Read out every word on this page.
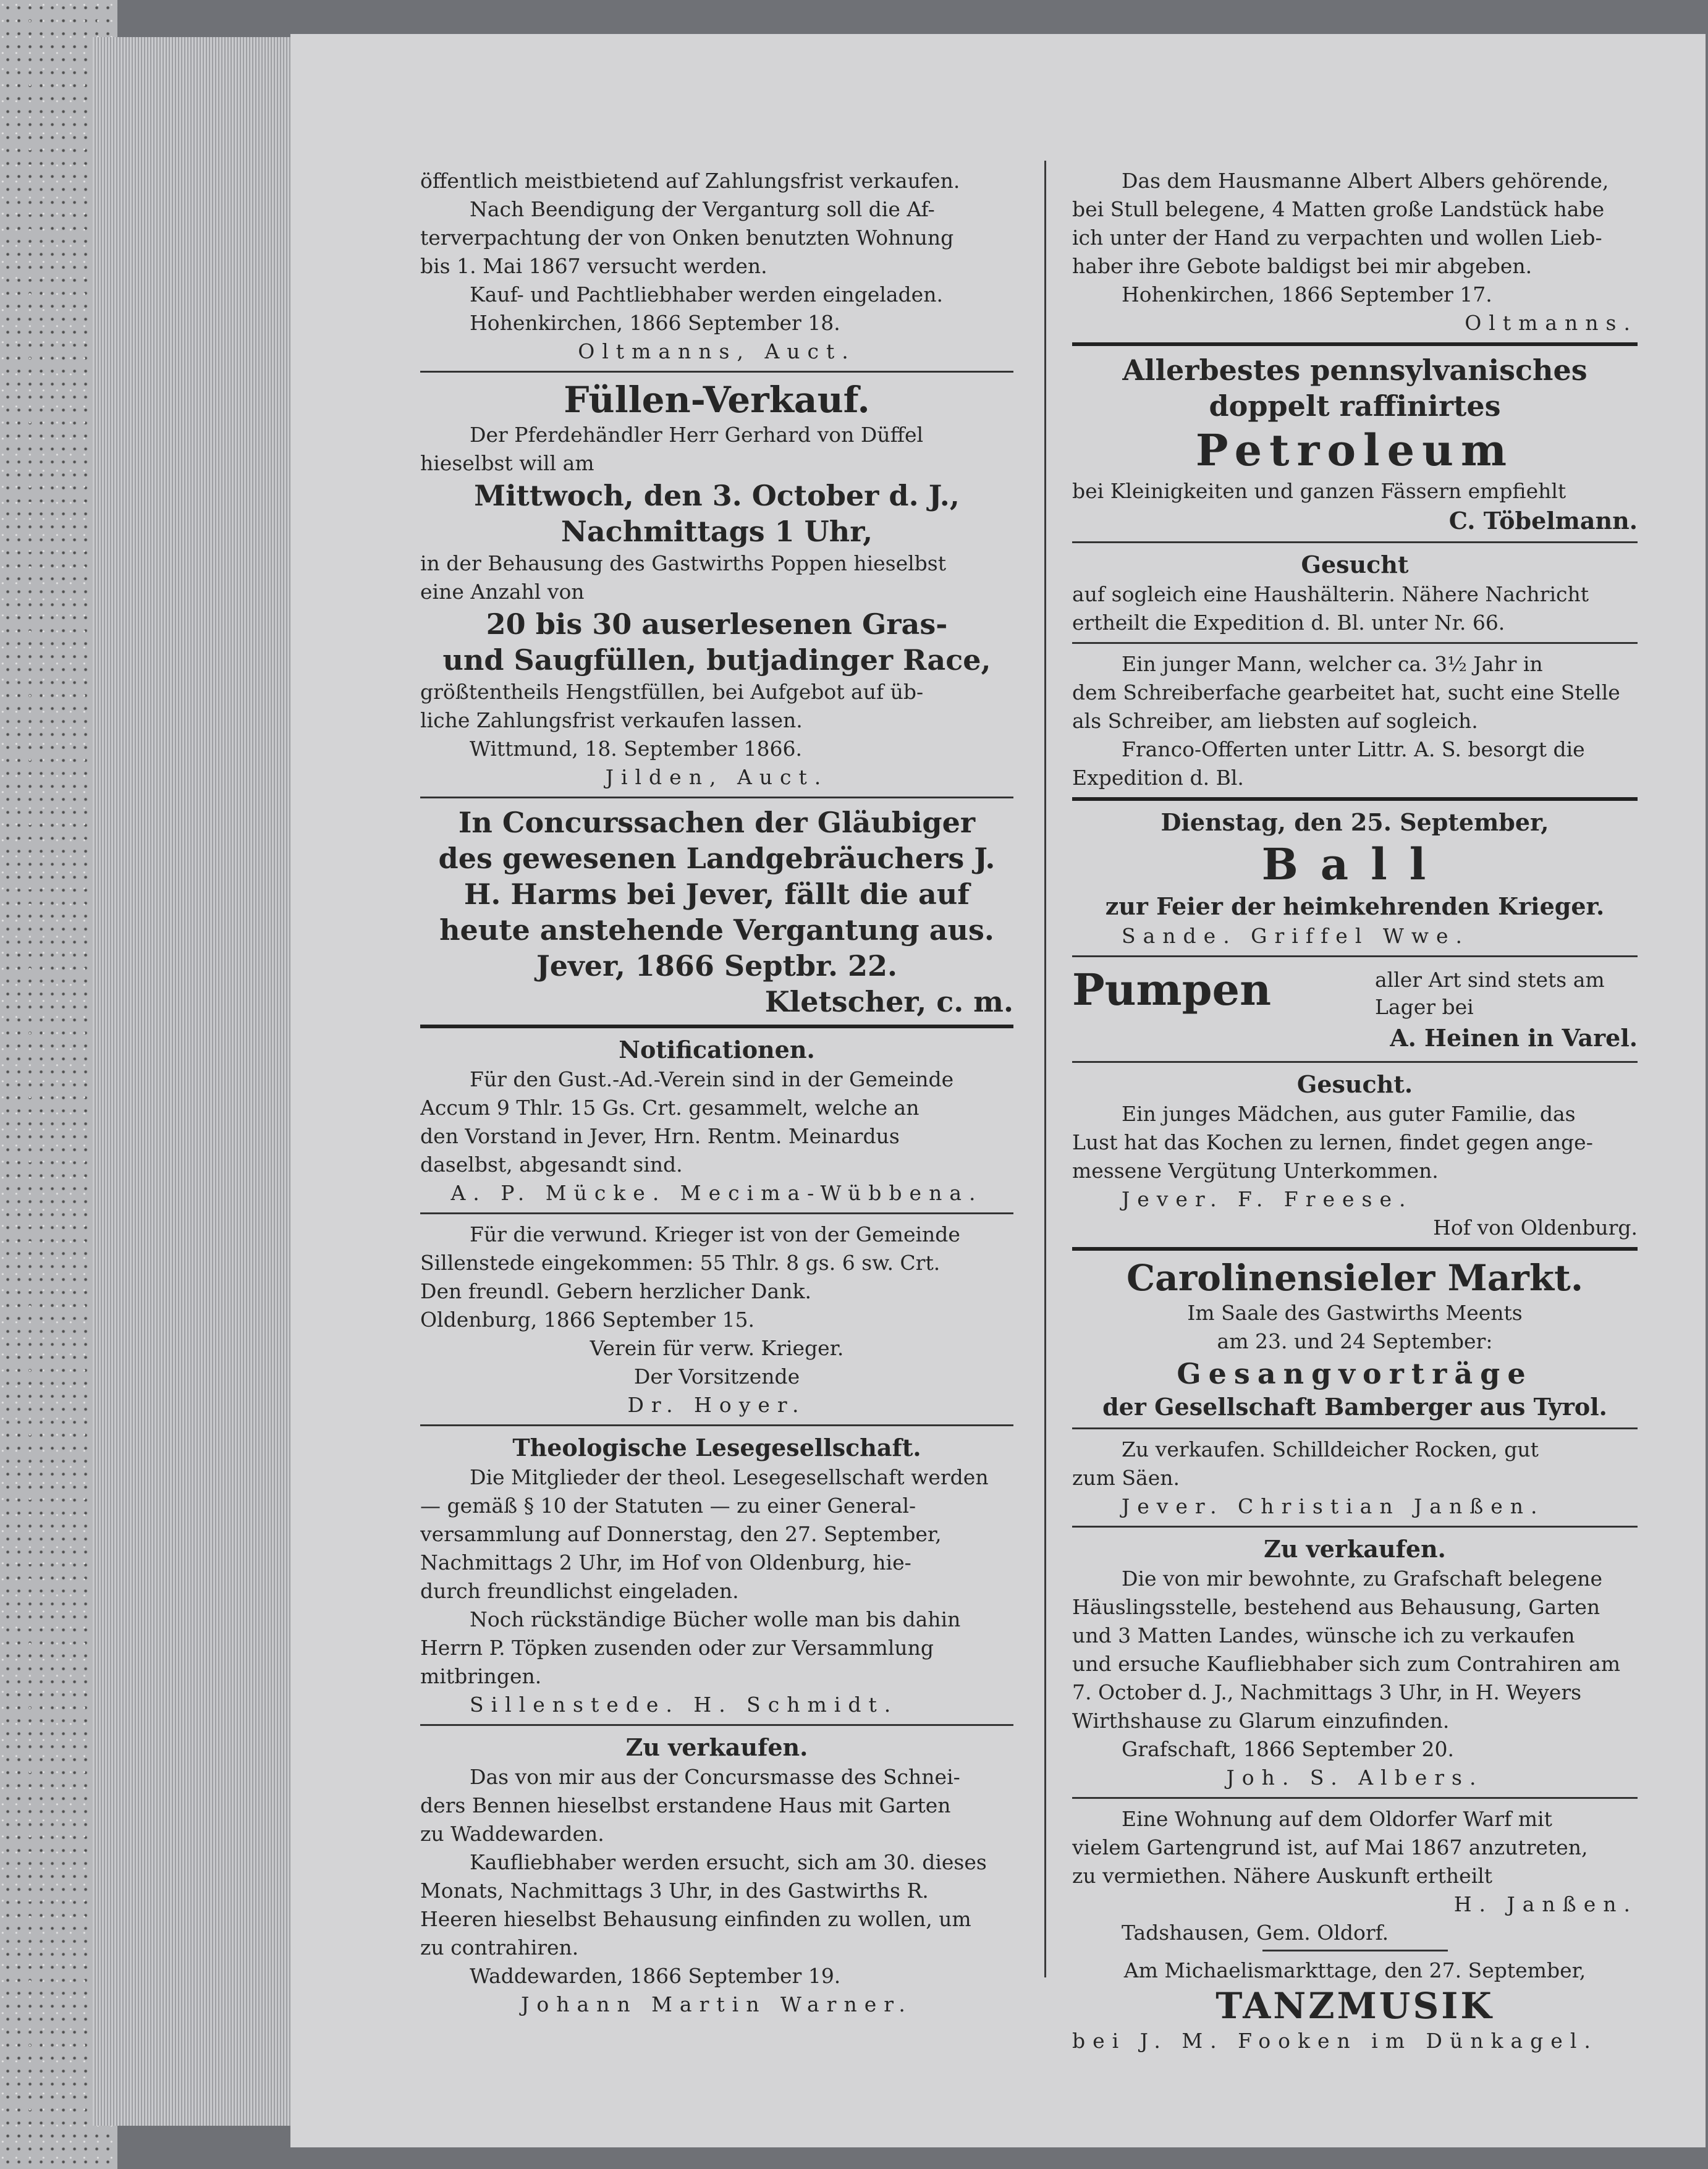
öffentlich meistbietend auf Zahlungsfrist verkaufen.
Nach Beendigung der Verganturg soll die Af-
terverpachtung der von Onken benutzten Wohnung
bis 1. Mai 1867 versucht werden.
Kauf- und Pachtliebhaber werden eingeladen.
Hohenkirchen, 1866 September 18.
Oltmanns, Auct.
Füllen-Verkauf.
Der Pferdehändler Herr Gerhard von Düffel
hieselbst will am
Mittwoch, den 3. October d. J.,
Nachmittags 1 Uhr,
in der Behausung des Gastwirths Poppen hieselbst
eine Anzahl von
20 bis 30 auserlesenen Gras-
und Saugfüllen, butjadinger Race,
größtentheils Hengstfüllen, bei Aufgebot auf üb-
liche Zahlungsfrist verkaufen lassen.
Wittmund, 18. September 1866.
Jilden, Auct.
In Concurssachen der Gläubiger
des gewesenen Landgebräuchers J.
H. Harms bei Jever, fällt die auf
heute anstehende Vergantung aus.
Jever, 1866 Septbr. 22.
Kletscher, c. m.
Notificationen.
Für den Gust.-Ad.-Verein sind in der Gemeinde
Accum 9 Thlr. 15 Gs. Crt. gesammelt, welche an
den Vorstand in Jever, Hrn. Rentm. Meinardus
daselbst, abgesandt sind.
A. P. Mücke. Mecima-Wübbena.
Für die verwund. Krieger ist von der Gemeinde
Sillenstede eingekommen: 55 Thlr. 8 gs. 6 sw. Crt.
Den freundl. Gebern herzlicher Dank.
Oldenburg, 1866 September 15.
Verein für verw. Krieger.
Der Vorsitzende
Dr. Hoyer.
Theologische Lesegesellschaft.
Die Mitglieder der theol. Lesegesellschaft werden
— gemäß § 10 der Statuten — zu einer General-
versammlung auf Donnerstag, den 27. September,
Nachmittags 2 Uhr, im Hof von Oldenburg, hie-
durch freundlichst eingeladen.
Noch rückständige Bücher wolle man bis dahin
Herrn P. Töpken zusenden oder zur Versammlung
mitbringen.
Sillenstede. H. Schmidt.
Zu verkaufen.
Das von mir aus der Concursmasse des Schnei-
ders Bennen hieselbst erstandene Haus mit Garten
zu Waddewarden.
Kaufliebhaber werden ersucht, sich am 30. dieses
Monats, Nachmittags 3 Uhr, in des Gastwirths R.
Heeren hieselbst Behausung einfinden zu wollen, um
zu contrahiren.
Waddewarden, 1866 September 19.
Johann Martin Warner.
Das dem Hausmanne Albert Albers gehörende,
bei Stull belegene, 4 Matten große Landstück habe
ich unter der Hand zu verpachten und wollen Lieb-
haber ihre Gebote baldigst bei mir abgeben.
Hohenkirchen, 1866 September 17.
Oltmanns.
Allerbestes pennsylvanisches
doppelt raffinirtes
Petroleum
bei Kleinigkeiten und ganzen Fässern empfiehlt
C. Töbelmann.
Gesucht
auf sogleich eine Haushälterin. Nähere Nachricht
ertheilt die Expedition d. Bl. unter Nr. 66.
Ein junger Mann, welcher ca. 3½ Jahr in
dem Schreiberfache gearbeitet hat, sucht eine Stelle
als Schreiber, am liebsten auf sogleich.
Franco-Offerten unter Littr. A. S. besorgt die
Expedition d. Bl.
Dienstag, den 25. September,
Ball
zur Feier der heimkehrenden Krieger.
Sande. Griffel Wwe.
Pumpen	aller Art sind stets am
Lager bei
A. Heinen in Varel.
Gesucht.
Ein junges Mädchen, aus guter Familie, das
Lust hat das Kochen zu lernen, findet gegen ange-
messene Vergütung Unterkommen.
Jever. F. Freese.
Hof von Oldenburg.
Carolinensieler Markt.
Im Saale des Gastwirths Meents
am 23. und 24 September:
Gesangvorträge
der Gesellschaft Bamberger aus Tyrol.
Zu verkaufen. Schilldeicher Rocken, gut
zum Säen.
Jever. Christian Janßen.
Zu verkaufen.
Die von mir bewohnte, zu Grafschaft belegene
Häuslingsstelle, bestehend aus Behausung, Garten
und 3 Matten Landes, wünsche ich zu verkaufen
und ersuche Kaufliebhaber sich zum Contrahiren am
7. October d. J., Nachmittags 3 Uhr, in H. Weyers
Wirthshause zu Glarum einzufinden.
Grafschaft, 1866 September 20.
Joh. S. Albers.
Eine Wohnung auf dem Oldorfer Warf mit
vielem Gartengrund ist, auf Mai 1867 anzutreten,
zu vermiethen. Nähere Auskunft ertheilt
H. Janßen.
Tadshausen, Gem. Oldorf.
Am Michaelismarkttage, den 27. September,
TANZMUSIK
bei J. M. Fooken im Dünkagel.
